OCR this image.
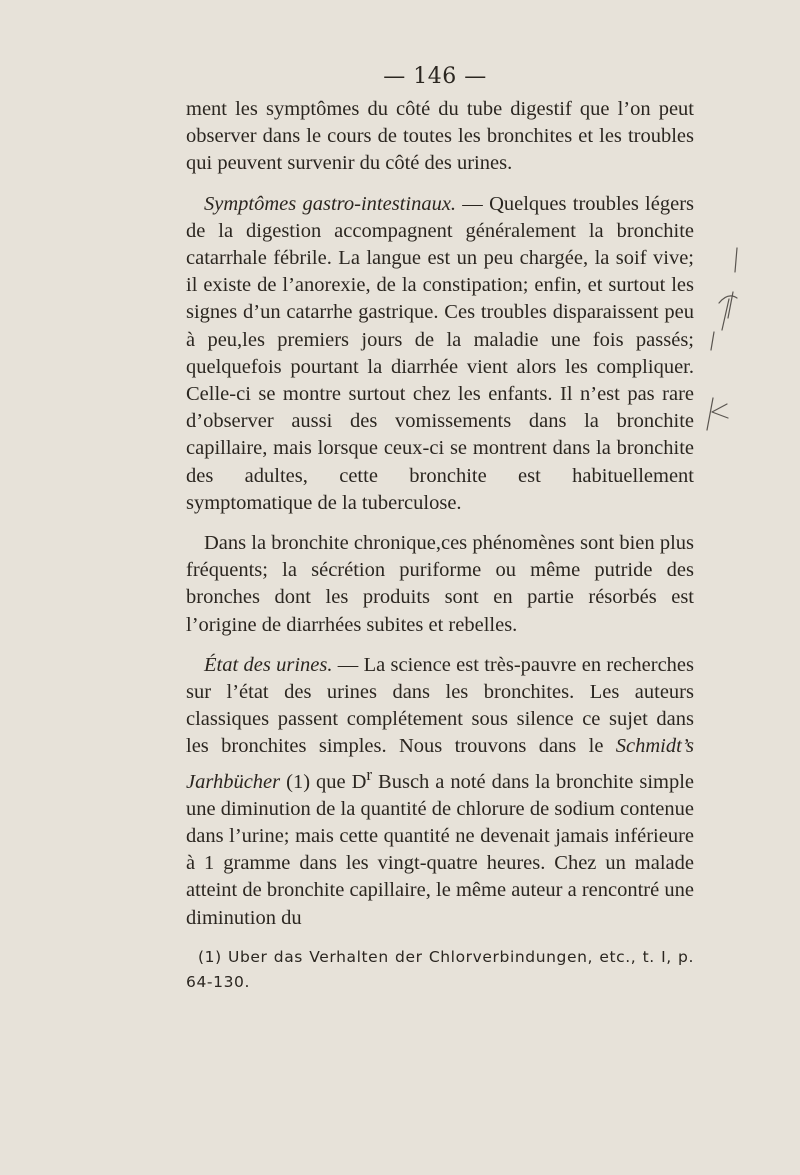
— 146 —

ment les symptômes du côté du tube digestif que l’on peut observer dans le cours de toutes les bronchites et les troubles qui peuvent survenir du côté des urines.

Symptômes gastro-intestinaux. — Quelques troubles légers de la digestion accompagnent généralement la bronchite catarrhale fébrile. La langue est un peu chargée, la soif vive; il existe de l’anorexie, de la constipation; enfin, et surtout les signes d’un catarrhe gastrique. Ces troubles disparaissent peu à peu,les premiers jours de la maladie une fois passés; quelquefois pourtant la diarrhée vient alors les compliquer. Celle-ci se montre surtout chez les enfants. Il n’est pas rare d’observer aussi des vomissements dans la bronchite capillaire, mais lorsque ceux-ci se montrent dans la bronchite des adultes, cette bronchite est habituellement symptomatique de la tuberculose.

Dans la bronchite chronique,ces phénomènes sont bien plus fréquents; la sécrétion puriforme ou même putride des bronches dont les produits sont en partie résorbés est l’origine de diarrhées subites et rebelles.

État des urines. — La science est très-pauvre en recherches sur l’état des urines dans les bronchites. Les auteurs classiques passent complétement sous silence ce sujet dans les bronchites simples. Nous trouvons dans le Schmidt’s Jarhbücher (1) que $D^r$ Busch a noté dans la bronchite simple une diminution de la quantité de chlorure de sodium contenue dans l’urine; mais cette quantité ne devenait jamais inférieure à 1 gramme dans les vingt-quatre heures. Chez un malade atteint de bronchite capillaire, le même auteur a rencontré une diminution du

(1) Uber das Verhalten der Chlorverbindungen, etc., t. I, p. 64-130.
